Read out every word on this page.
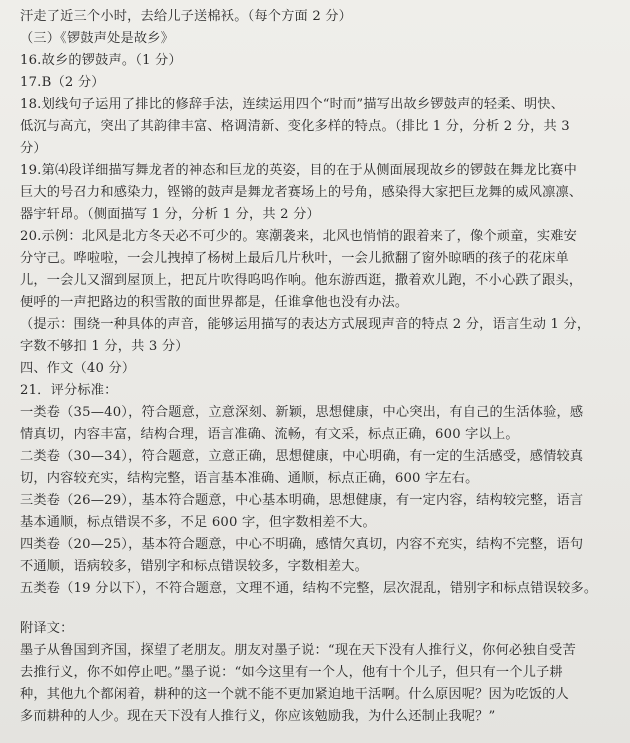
汗走了近三个小时，去给儿子送棉袄。（每个方面 2 分）
（三）《锣鼓声处是故乡》
16.故乡的锣鼓声。（1 分）
17.B（2 分）
18.划线句子运用了排比的修辞手法，连续运用四个“时而”描写出故乡锣鼓声的轻柔、明快、
低沉与高亢，突出了其韵律丰富、格调清新、变化多样的特点。（排比 1 分，分析 2 分，共 3
分）
19.第⑷段详细描写舞龙者的神态和巨龙的英姿，目的在于从侧面展现故乡的锣鼓在舞龙比赛中
巨大的号召力和感染力，铿锵的鼓声是舞龙者赛场上的号角，感染得大家把巨龙舞的威风凛凛、
器宇轩昂。（侧面描写 1 分，分析 1 分，共 2 分）
20.示例：北风是北方冬天必不可少的。寒潮袭来，北风也悄悄的跟着来了，像个顽童，实难安
分守己。哗啦啦，一会儿拽掉了杨树上最后几片秋叶，一会儿掀翻了窗外晾晒的孩子的花床单
儿，一会儿又溜到屋顶上，把瓦片吹得呜呜作响。他东游西逛，撒着欢儿跑，不小心跌了跟头，
便呼的一声把路边的积雪散的面世界都是，任谁拿他也没有办法。
（提示：围绕一种具体的声音，能够运用描写的表达方式展现声音的特点 2 分，语言生动 1 分，
字数不够扣 1 分，共 3 分）
四、作文（40 分）
21．评分标准：
一类卷（35—40），符合题意，立意深刻、新颖，思想健康，中心突出，有自己的生活体验，感
情真切，内容丰富，结构合理，语言准确、流畅，有文采，标点正确，600 字以上。
二类卷（30—34），符合题意，立意正确，思想健康，中心明确，有一定的生活感受，感情较真
切，内容较充实，结构完整，语言基本准确、通顺，标点正确，600 字左右。
三类卷（26—29），基本符合题意，中心基本明确，思想健康，有一定内容，结构较完整，语言
基本通顺，标点错误不多，不足 600 字，但字数相差不大。
四类卷（20—25），基本符合题意，中心不明确，感情欠真切，内容不充实，结构不完整，语句
不通顺，语病较多，错别字和标点错误较多，字数相差大。
五类卷（19 分以下），不符合题意，文理不通，结构不完整，层次混乱，错别字和标点错误较多。
附译文：
墨子从鲁国到齐国，探望了老朋友。朋友对墨子说：“现在天下没有人推行义，你何必独自受苦
去推行义，你不如停止吧。”墨子说：“如今这里有一个人，他有十个儿子，但只有一个儿子耕
种，其他九个都闲着，耕种的这一个就不能不更加紧迫地干活啊。什么原因呢？因为吃饭的人
多而耕种的人少。现在天下没有人推行义，你应该勉励我，为什么还制止我呢？”
